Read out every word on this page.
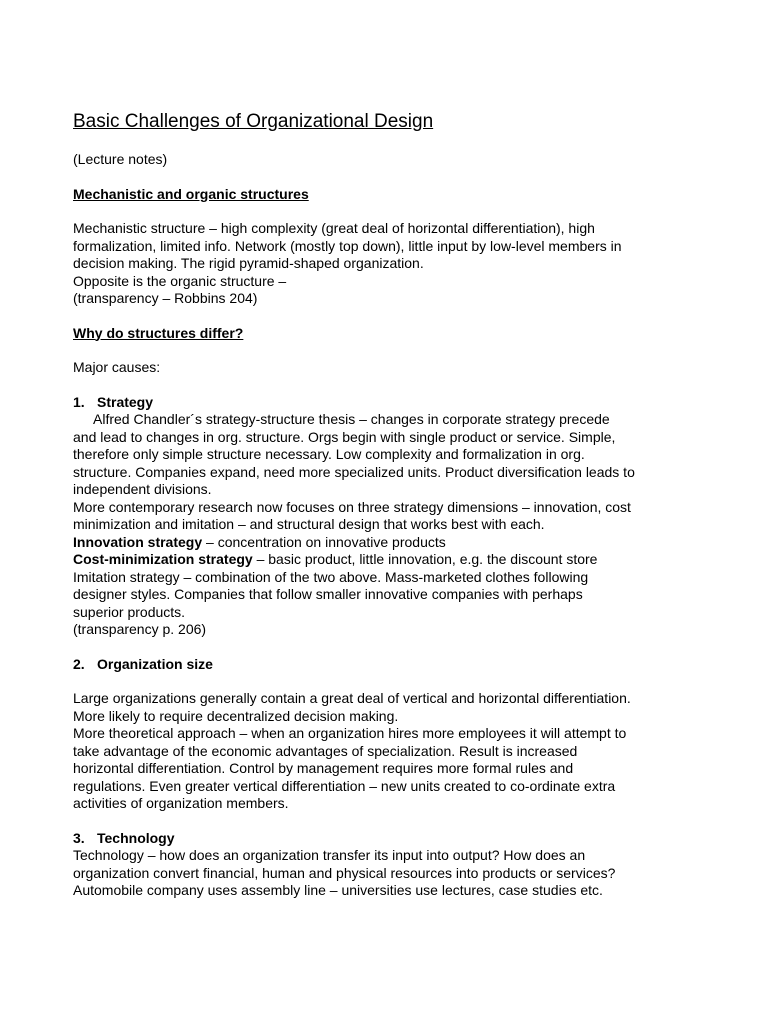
Basic Challenges of Organizational Design

(Lecture notes)

Mechanistic and organic structures

Mechanistic structure – high complexity (great deal of horizontal differentiation), high

formalization, limited info. Network (mostly top down), little input by low-level members in

decision making. The rigid pyramid-shaped organization.

Opposite is the organic structure –

(transparency – Robbins 204)

Why do structures differ?

Major causes:

1. Strategy

Alfred Chandler´s strategy-structure thesis – changes in corporate strategy precede

and lead to changes in org. structure. Orgs begin with single product or service. Simple,

therefore only simple structure necessary. Low complexity and formalization in org.

structure. Companies expand, need more specialized units. Product diversification leads to

independent divisions.

More contemporary research now focuses on three strategy dimensions – innovation, cost

minimization and imitation – and structural design that works best with each.

Innovation strategy – concentration on innovative products

Cost-minimization strategy – basic product, little innovation, e.g. the discount store

Imitation strategy – combination of the two above. Mass-marketed clothes following

designer styles. Companies that follow smaller innovative companies with perhaps

superior products.

(transparency p. 206)

2. Organization size

Large organizations generally contain a great deal of vertical and horizontal differentiation.

More likely to require decentralized decision making.

More theoretical approach – when an organization hires more employees it will attempt to

take advantage of the economic advantages of specialization. Result is increased

horizontal differentiation. Control by management requires more formal rules and

regulations. Even greater vertical differentiation – new units created to co-ordinate extra

activities of organization members.

3. Technology

Technology – how does an organization transfer its input into output? How does an

organization convert financial, human and physical resources into products or services?

Automobile company uses assembly line – universities use lectures, case studies etc.
